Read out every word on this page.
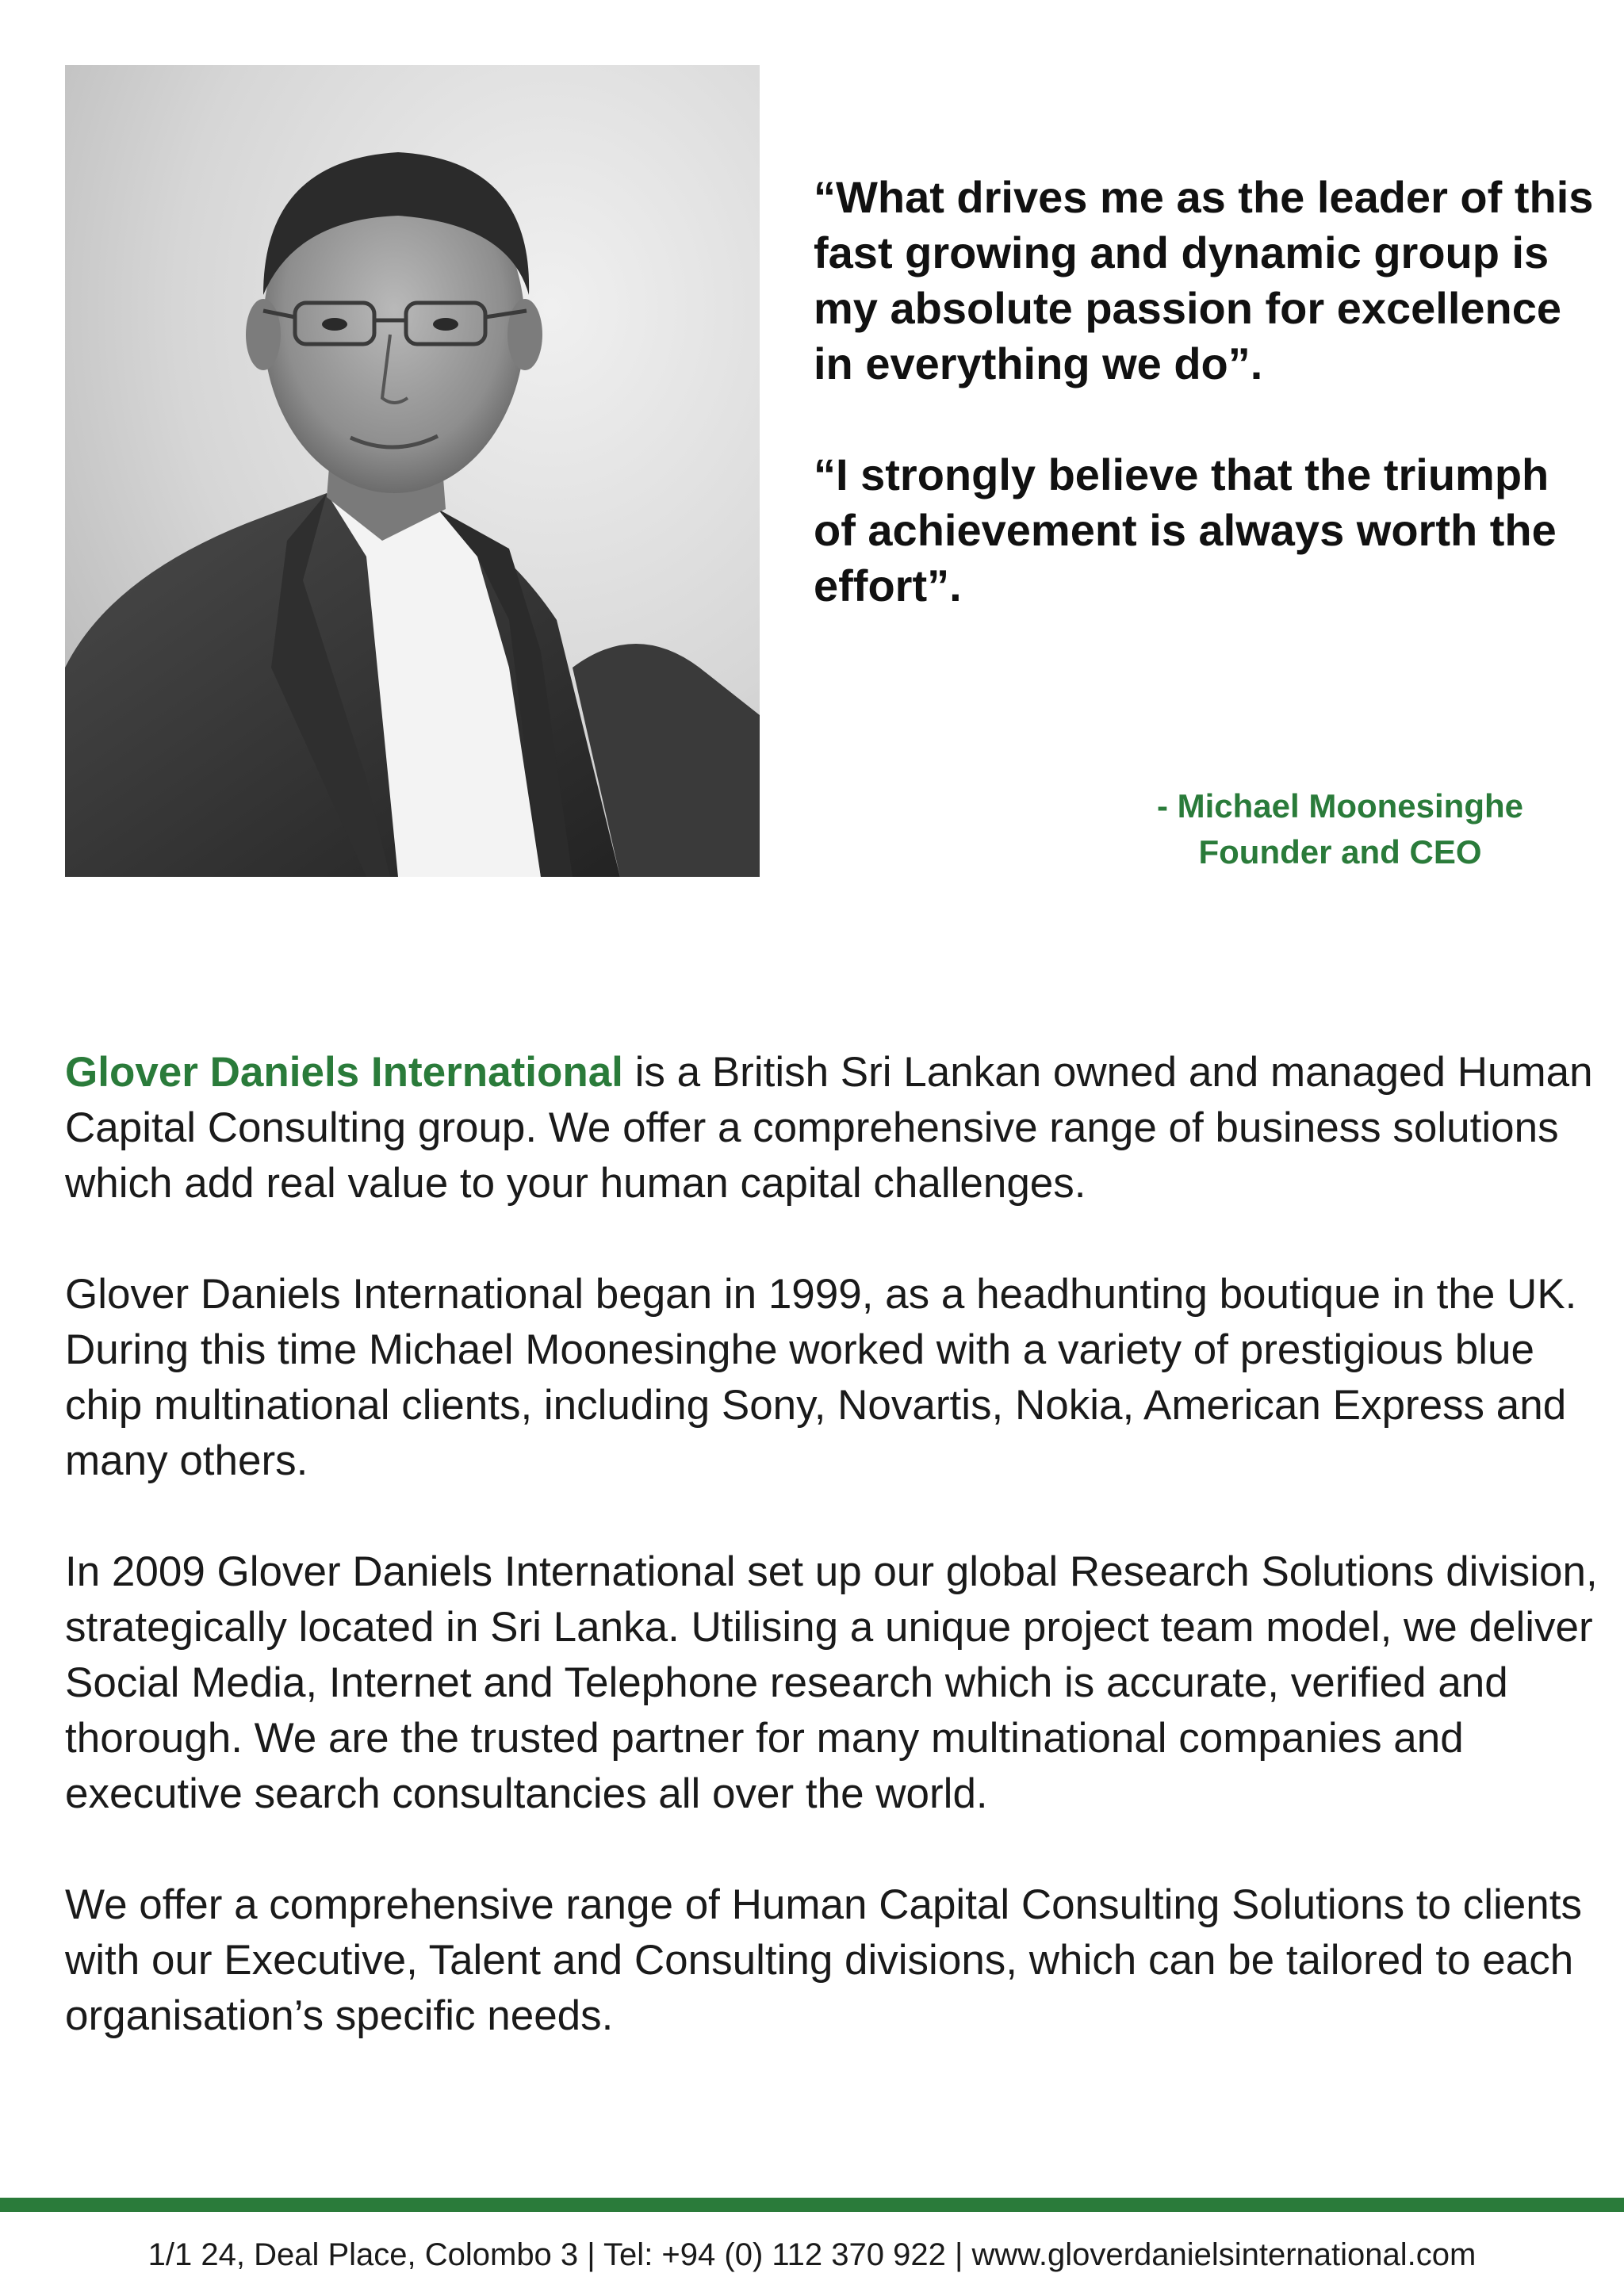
“What drives me as the leader of this fast growing and dynamic group is my absolute passion for excellence in everything we do”.

“I strongly believe that the triumph of achievement is always worth the effort”.

- Michael Moonesinghe
Founder and CEO

Glover Daniels International is a British Sri Lankan owned and managed Human Capital Consulting group. We offer a comprehensive range of business solutions which add real value to your human capital challenges.

Glover Daniels International began in 1999, as a headhunting boutique in the UK. During this time Michael Moonesinghe worked with a variety of prestigious blue chip multinational clients, including Sony, Novartis, Nokia, American Express and many others.

In 2009 Glover Daniels International set up our global Research Solutions division, strategically located in Sri Lanka. Utilising a unique project team model, we deliver Social Media, Internet and Telephone research which is accurate, verified and thorough. We are the trusted partner for many multinational companies and executive search consultancies all over the world.

We offer a comprehensive range of Human Capital Consulting Solutions to clients with our Executive, Talent and Consulting divisions, which can be tailored to each organisation’s specific needs.

1/1 24, Deal Place, Colombo 3 | Tel: +94 (0) 112 370 922 | www.gloverdanielsinternational.com
